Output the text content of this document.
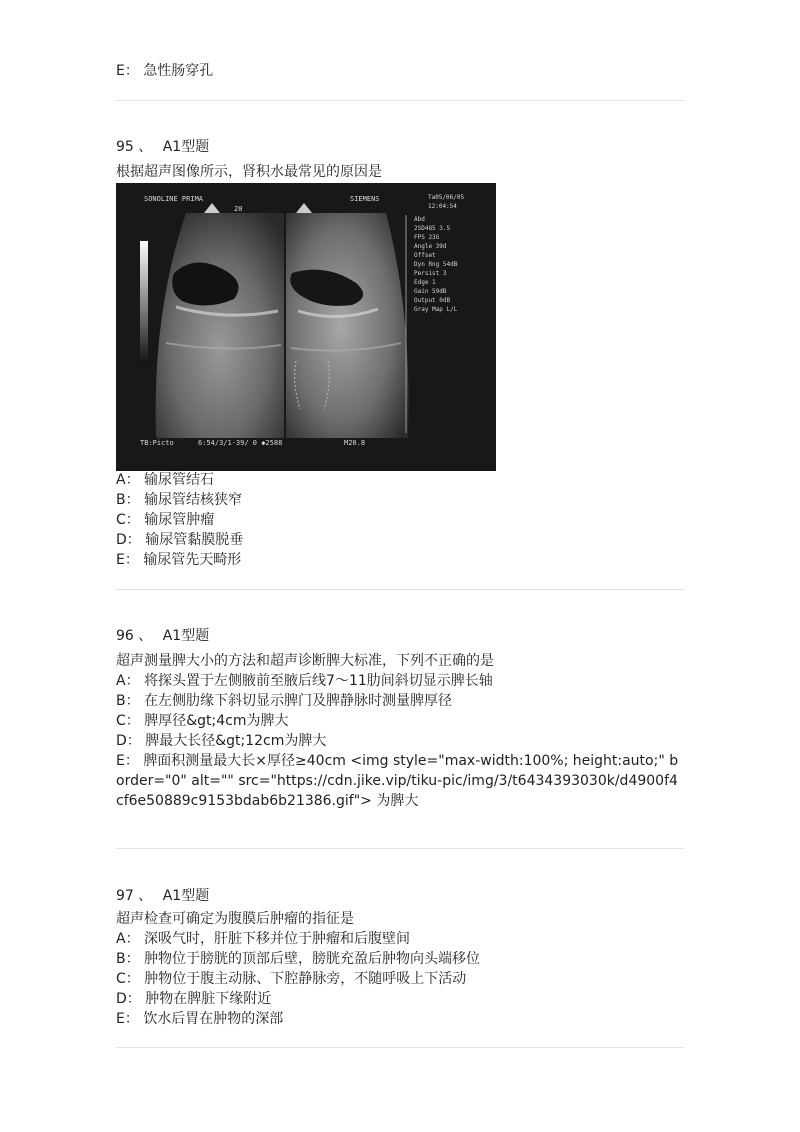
E： 急性肠穿孔
95 、 A1型题
根据超声图像所示，肾积水最常见的原因是
SONOLINE PRIMA
20
SIEMENS	Ta05/06/05
12:04:54
Abd
2SD485 3.5
FPS 23G
Angle 39d
Offset
Dyn Rng 54dB
Persist 3
Edge 1
Gain 59dB
Output 0dB
Gray Map L/L
TB:Picto	6:54/3/1-39/ 0 ◆2588	M20.8
A： 输尿管结石
B： 输尿管结核狭窄
C： 输尿管肿瘤
D： 输尿管黏膜脱垂
E： 输尿管先天畸形
96 、 A1型题
超声测量脾大小的方法和超声诊断脾大标准，下列不正确的是
A： 将探头置于左侧腋前至腋后线7～11肋间斜切显示脾长轴
B： 在左侧肋缘下斜切显示脾门及脾静脉时测量脾厚径
C： 脾厚径&gt;4cm为脾大
D： 脾最大长径&gt;12cm为脾大
E： 脾面积测量最大长×厚径≥40cm <img style="max-width:100%; height:auto;" border="0" alt="" src="https://cdn.jike.vip/tiku-pic/img/3/t6434393030k/d4900f4cf6e50889c9153bdab6b21386.gif"> 为脾大
97 、 A1型题
超声检查可确定为腹膜后肿瘤的指征是
A： 深吸气时，肝脏下移并位于肿瘤和后腹壁间
B： 肿物位于膀胱的顶部后壁，膀胱充盈后肿物向头端移位
C： 肿物位于腹主动脉、下腔静脉旁，不随呼吸上下活动
D： 肿物在脾脏下缘附近
E： 饮水后胃在肿物的深部
